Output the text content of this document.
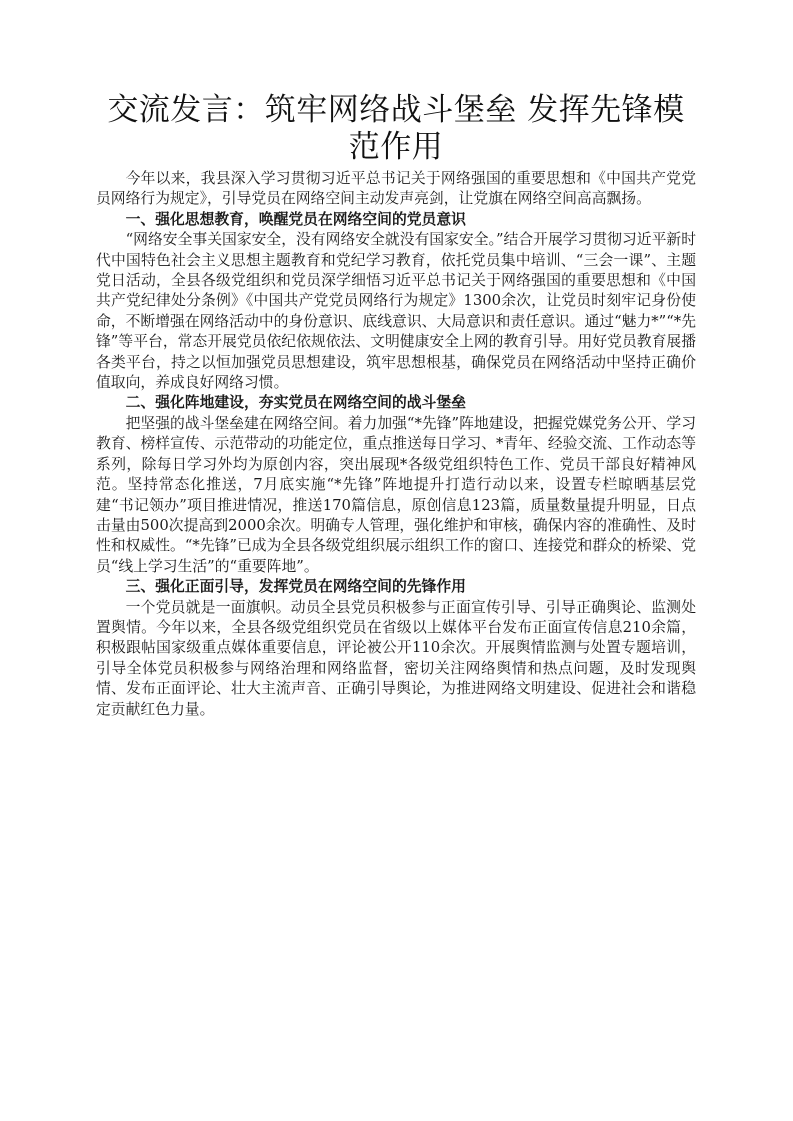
交流发言：筑牢网络战斗堡垒 发挥先锋模范作用

今年以来，我县深入学习贯彻习近平总书记关于网络强国的重要思想和《中国共产党党员网络行为规定》，引导党员在网络空间主动发声亮剑，让党旗在网络空间高高飘扬。

一、强化思想教育，唤醒党员在网络空间的党员意识

“网络安全事关国家安全，没有网络安全就没有国家安全。”结合开展学习贯彻习近平新时代中国特色社会主义思想主题教育和党纪学习教育，依托党员集中培训、“三会一课”、主题党日活动，全县各级党组织和党员深学细悟习近平总书记关于网络强国的重要思想和《中国共产党纪律处分条例》《中国共产党党员网络行为规定》1300余次，让党员时刻牢记身份使命，不断增强在网络活动中的身份意识、底线意识、大局意识和责任意识。通过“魅力*”“*先锋”等平台，常态开展党员依纪依规依法、文明健康安全上网的教育引导。用好党员教育展播各类平台，持之以恒加强党员思想建设，筑牢思想根基，确保党员在网络活动中坚持正确价值取向，养成良好网络习惯。

二、强化阵地建设，夯实党员在网络空间的战斗堡垒

把坚强的战斗堡垒建在网络空间。着力加强“*先锋”阵地建设，把握党媒党务公开、学习教育、榜样宣传、示范带动的功能定位，重点推送每日学习、*青年、经验交流、工作动态等系列，除每日学习外均为原创内容，突出展现*各级党组织特色工作、党员干部良好精神风范。坚持常态化推送，7月底实施“*先锋”阵地提升打造行动以来，设置专栏晾晒基层党建“书记领办”项目推进情况，推送170篇信息，原创信息123篇，质量数量提升明显，日点击量由500次提高到2000余次。明确专人管理，强化维护和审核，确保内容的准确性、及时性和权威性。“*先锋”已成为全县各级党组织展示组织工作的窗口、连接党和群众的桥梁、党员“线上学习生活”的“重要阵地”。

三、强化正面引导，发挥党员在网络空间的先锋作用

一个党员就是一面旗帜。动员全县党员积极参与正面宣传引导、引导正确舆论、监测处置舆情。今年以来，全县各级党组织党员在省级以上媒体平台发布正面宣传信息210余篇，积极跟帖国家级重点媒体重要信息，评论被公开110余次。开展舆情监测与处置专题培训，引导全体党员积极参与网络治理和网络监督，密切关注网络舆情和热点问题，及时发现舆情、发布正面评论、壮大主流声音、正确引导舆论，为推进网络文明建设、促进社会和谐稳定贡献红色力量。
